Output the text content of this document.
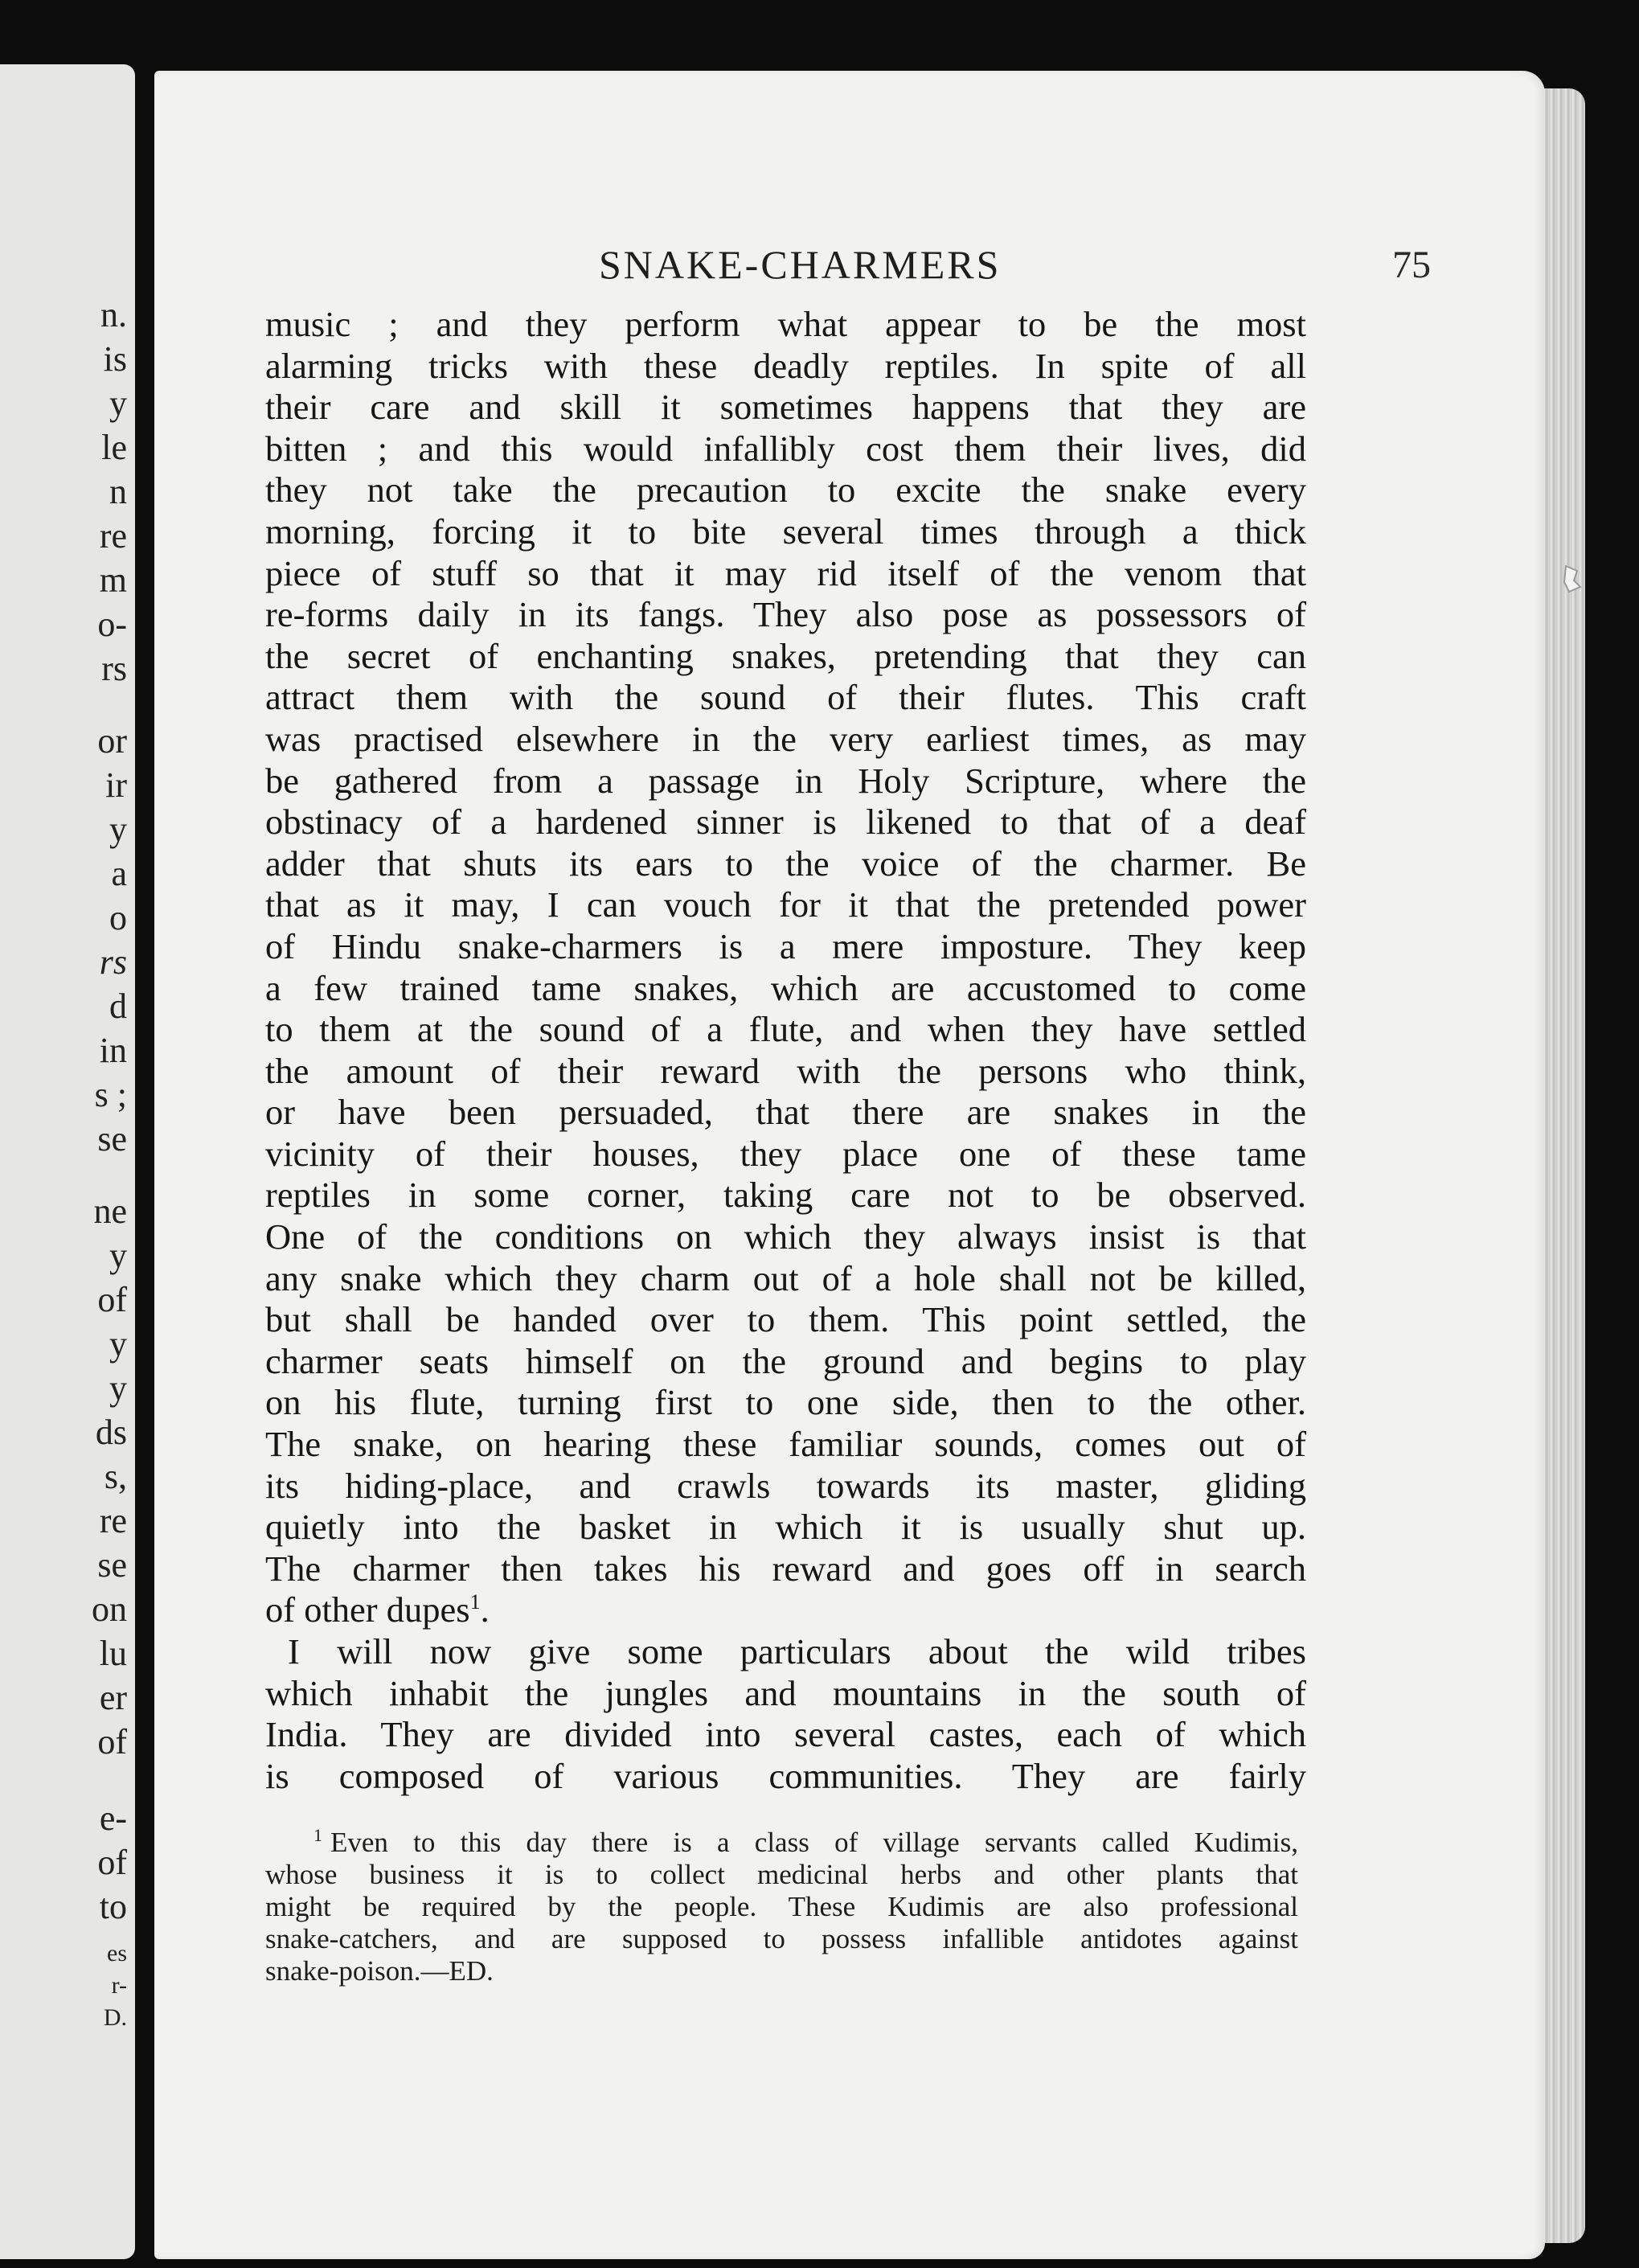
n.
is
y
le
n
re
m
o-
rs
or
ir
y
a
o
rs
d
in
s ;
se
ne
y
of
y
y
ds
s,
re
se
on
lu
er
of
e-
of
to
es
r-
D.
SNAKE-CHARMERS	75
music ; and they perform what appear to be the most
alarming tricks with these deadly reptiles. In spite of all
their care and skill it sometimes happens that they are
bitten ; and this would infallibly cost them their lives, did
they not take the precaution to excite the snake every
morning, forcing it to bite several times through a thick
piece of stuff so that it may rid itself of the venom that
re-forms daily in its fangs. They also pose as possessors of
the secret of enchanting snakes, pretending that they can
attract them with the sound of their flutes. This craft
was practised elsewhere in the very earliest times, as may
be gathered from a passage in Holy Scripture, where the
obstinacy of a hardened sinner is likened to that of a deaf
adder that shuts its ears to the voice of the charmer. Be
that as it may, I can vouch for it that the pretended power
of Hindu snake-charmers is a mere imposture. They keep
a few trained tame snakes, which are accustomed to come
to them at the sound of a flute, and when they have settled
the amount of their reward with the persons who think,
or have been persuaded, that there are snakes in the
vicinity of their houses, they place one of these tame
reptiles in some corner, taking care not to be observed.
One of the conditions on which they always insist is that
any snake which they charm out of a hole shall not be killed,
but shall be handed over to them. This point settled, the
charmer seats himself on the ground and begins to play
on his flute, turning first to one side, then to the other.
The snake, on hearing these familiar sounds, comes out of
its hiding-place, and crawls towards its master, gliding
quietly into the basket in which it is usually shut up.
The charmer then takes his reward and goes off in search
of other dupes$^1$.
I will now give some particulars about the wild tribes
which inhabit the jungles and mountains in the south of
India. They are divided into several castes, each of which
is composed of various communities. They are fairly
$^1$ Even to this day there is a class of village servants called Kudimis,
whose business it is to collect medicinal herbs and other plants that
might be required by the people. These Kudimis are also professional
snake-catchers, and are supposed to possess infallible antidotes against
snake-poison.—ED.
